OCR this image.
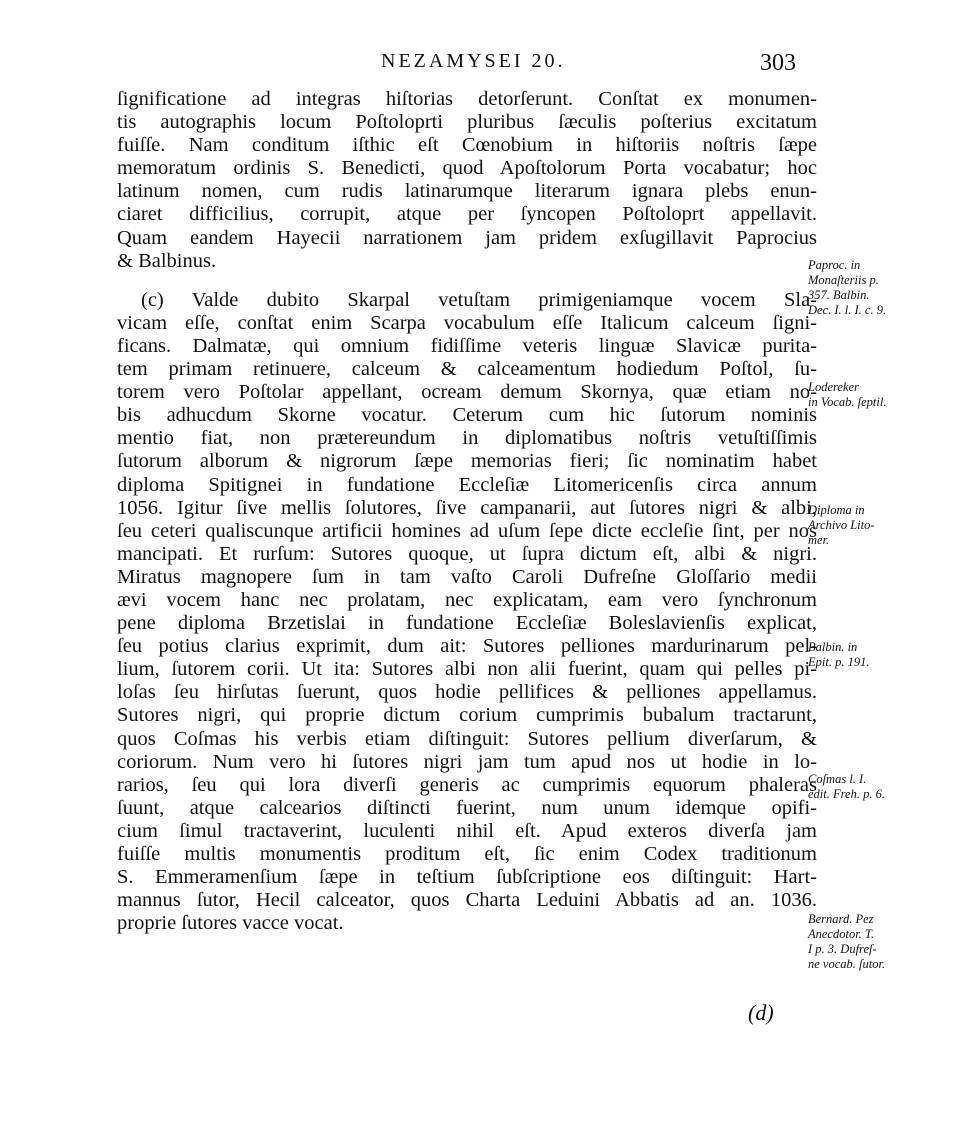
NEZAMYSEI 20.	303
ſignificatione ad integras hiſtorias detorſerunt. Conſtat ex monumen-
tis autographis locum Poſtoloprti pluribus ſæculis poſterius excitatum
fuiſſe. Nam conditum iſthic eſt Cœnobium in hiſtoriis noſtris ſæpe
memoratum ordinis S. Benedicti, quod Apoſtolorum Porta vocabatur; hoc
latinum nomen, cum rudis latinarumque literarum ignara plebs enun-
ciaret difficilius, corrupit, atque per ſyncopen Poſtoloprt appellavit.
Quam eandem Hayecii narrationem jam pridem exſugillavit Paprocius
& Balbinus.
(c) Valde dubito Skarpal vetuſtam primigeniamque vocem Sla-
vicam eſſe, conſtat enim Scarpa vocabulum eſſe Italicum calceum ſigni-
ficans. Dalmatæ, qui omnium fidiſſime veteris linguæ Slavicæ purita-
tem primam retinuere, calceum & calceamentum hodiedum Poſtol, ſu-
torem vero Poſtolar appellant, ocream demum Skornya, quæ etiam no-
bis adhucdum Skorne vocatur. Ceterum cum hic ſutorum nominis
mentio fiat, non prætereundum in diplomatibus noſtris vetuſtiſſimis
ſutorum alborum & nigrorum ſæpe memorias fieri; ſic nominatim habet
diploma Spitignei in fundatione Eccleſiæ Litomericenſis circa annum
1056. Igitur ſive mellis ſolutores, ſive campanarii, aut ſutores nigri & albi,
ſeu ceteri qualiscunque artificii homines ad uſum ſepe dicte eccleſie ſint, per nos
mancipati. Et rurſum: Sutores quoque, ut ſupra dictum eſt, albi & nigri.
Miratus magnopere ſum in tam vaſto Caroli Dufreſne Gloſſario medii
ævi vocem hanc nec prolatam, nec explicatam, eam vero ſynchronum
pene diploma Brzetislai in fundatione Eccleſiæ Boleslavienſis explicat,
ſeu potius clarius exprimit, dum ait: Sutores pelliones mardurinarum pel-
lium, ſutorem corii. Ut ita: Sutores albi non alii fuerint, quam qui pelles pi-
loſas ſeu hirſutas ſuerunt, quos hodie pellifices & pelliones appellamus.
Sutores nigri, qui proprie dictum corium cumprimis bubalum tractarunt,
quos Coſmas his verbis etiam diſtinguit: Sutores pellium diverſarum, &
coriorum. Num vero hi ſutores nigri jam tum apud nos ut hodie in lo-
rarios, ſeu qui lora diverſi generis ac cumprimis equorum phaleras
ſuunt, atque calcearios diſtincti fuerint, num unum idemque opifi-
cium ſimul tractaverint, luculenti nihil eſt. Apud exteros diverſa jam
fuiſſe multis monumentis proditum eſt, ſic enim Codex traditionum
S. Emmeramenſium ſæpe in teſtium ſubſcriptione eos diſtinguit: Hart-
mannus ſutor, Hecil calceator, quos Charta Leduini Abbatis ad an. 1036.
proprie ſutores vacce vocat.
Paproc. in
Monaſteriis p.
357. Balbin.
Dec. I. l. I. c. 9.
Lodereker
in Vocab. ſeptil.
Diploma in
Archivo Lito-
mer.
Balbin. in
Epit. p. 191.
Coſmas l. I.
edit. Freh. p. 6.
Bernard. Pez
Anecdotor. T.
I p. 3. Dufreſ-
ne vocab. ſutor.
(d)
